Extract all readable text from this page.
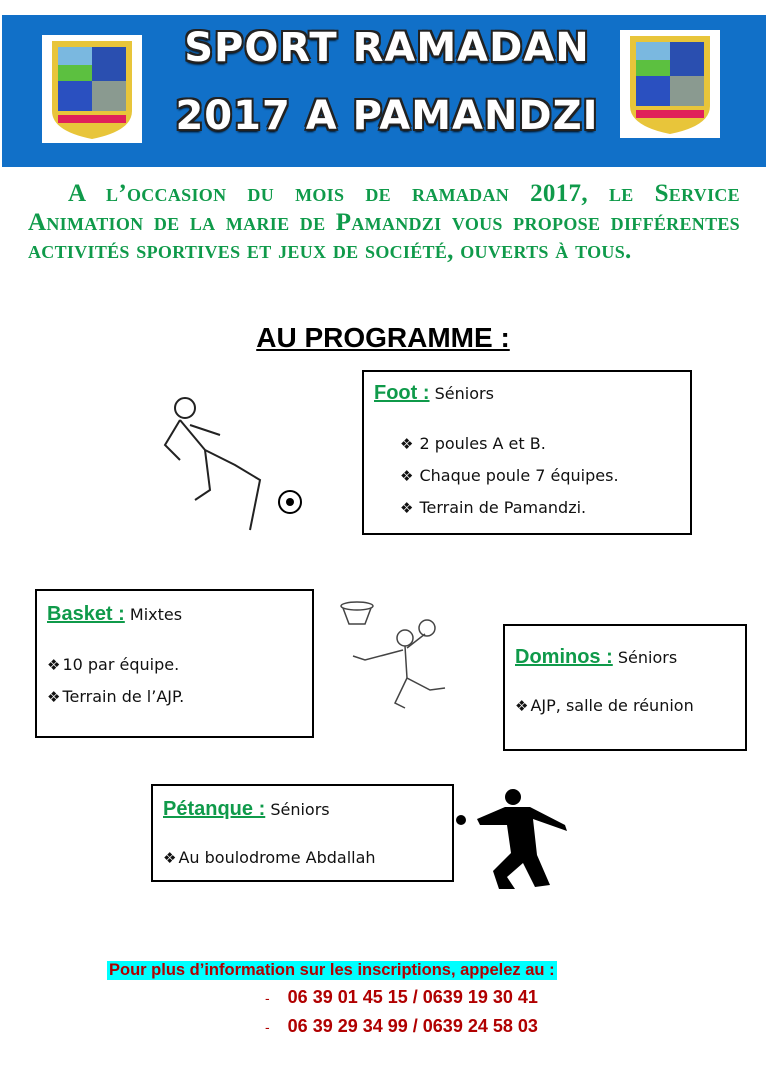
SPORT RAMADAN
2017 A PAMANDZI
A l’occasion du mois de ramadan 2017, le Service Animation de la marie de Pamandzi vous propose différentes activités sportives et jeux de société, ouverts à tous.
AU PROGRAMME :
Foot : Séniors
❖ 2 poules A et B.
❖ Chaque poule 7 équipes.
❖ Terrain de Pamandzi.
Basket : Mixtes
❖ 10 par équipe.
❖ Terrain de l’AJP.
Dominos : Séniors
❖ AJP, salle de réunion
Pétanque : Séniors
❖ Au boulodrome Abdallah
Pour plus d’information sur les inscriptions, appelez au :
- 06 39 01 45 15 / 0639 19 30 41
- 06 39 29 34 99 / 0639 24 58 03
